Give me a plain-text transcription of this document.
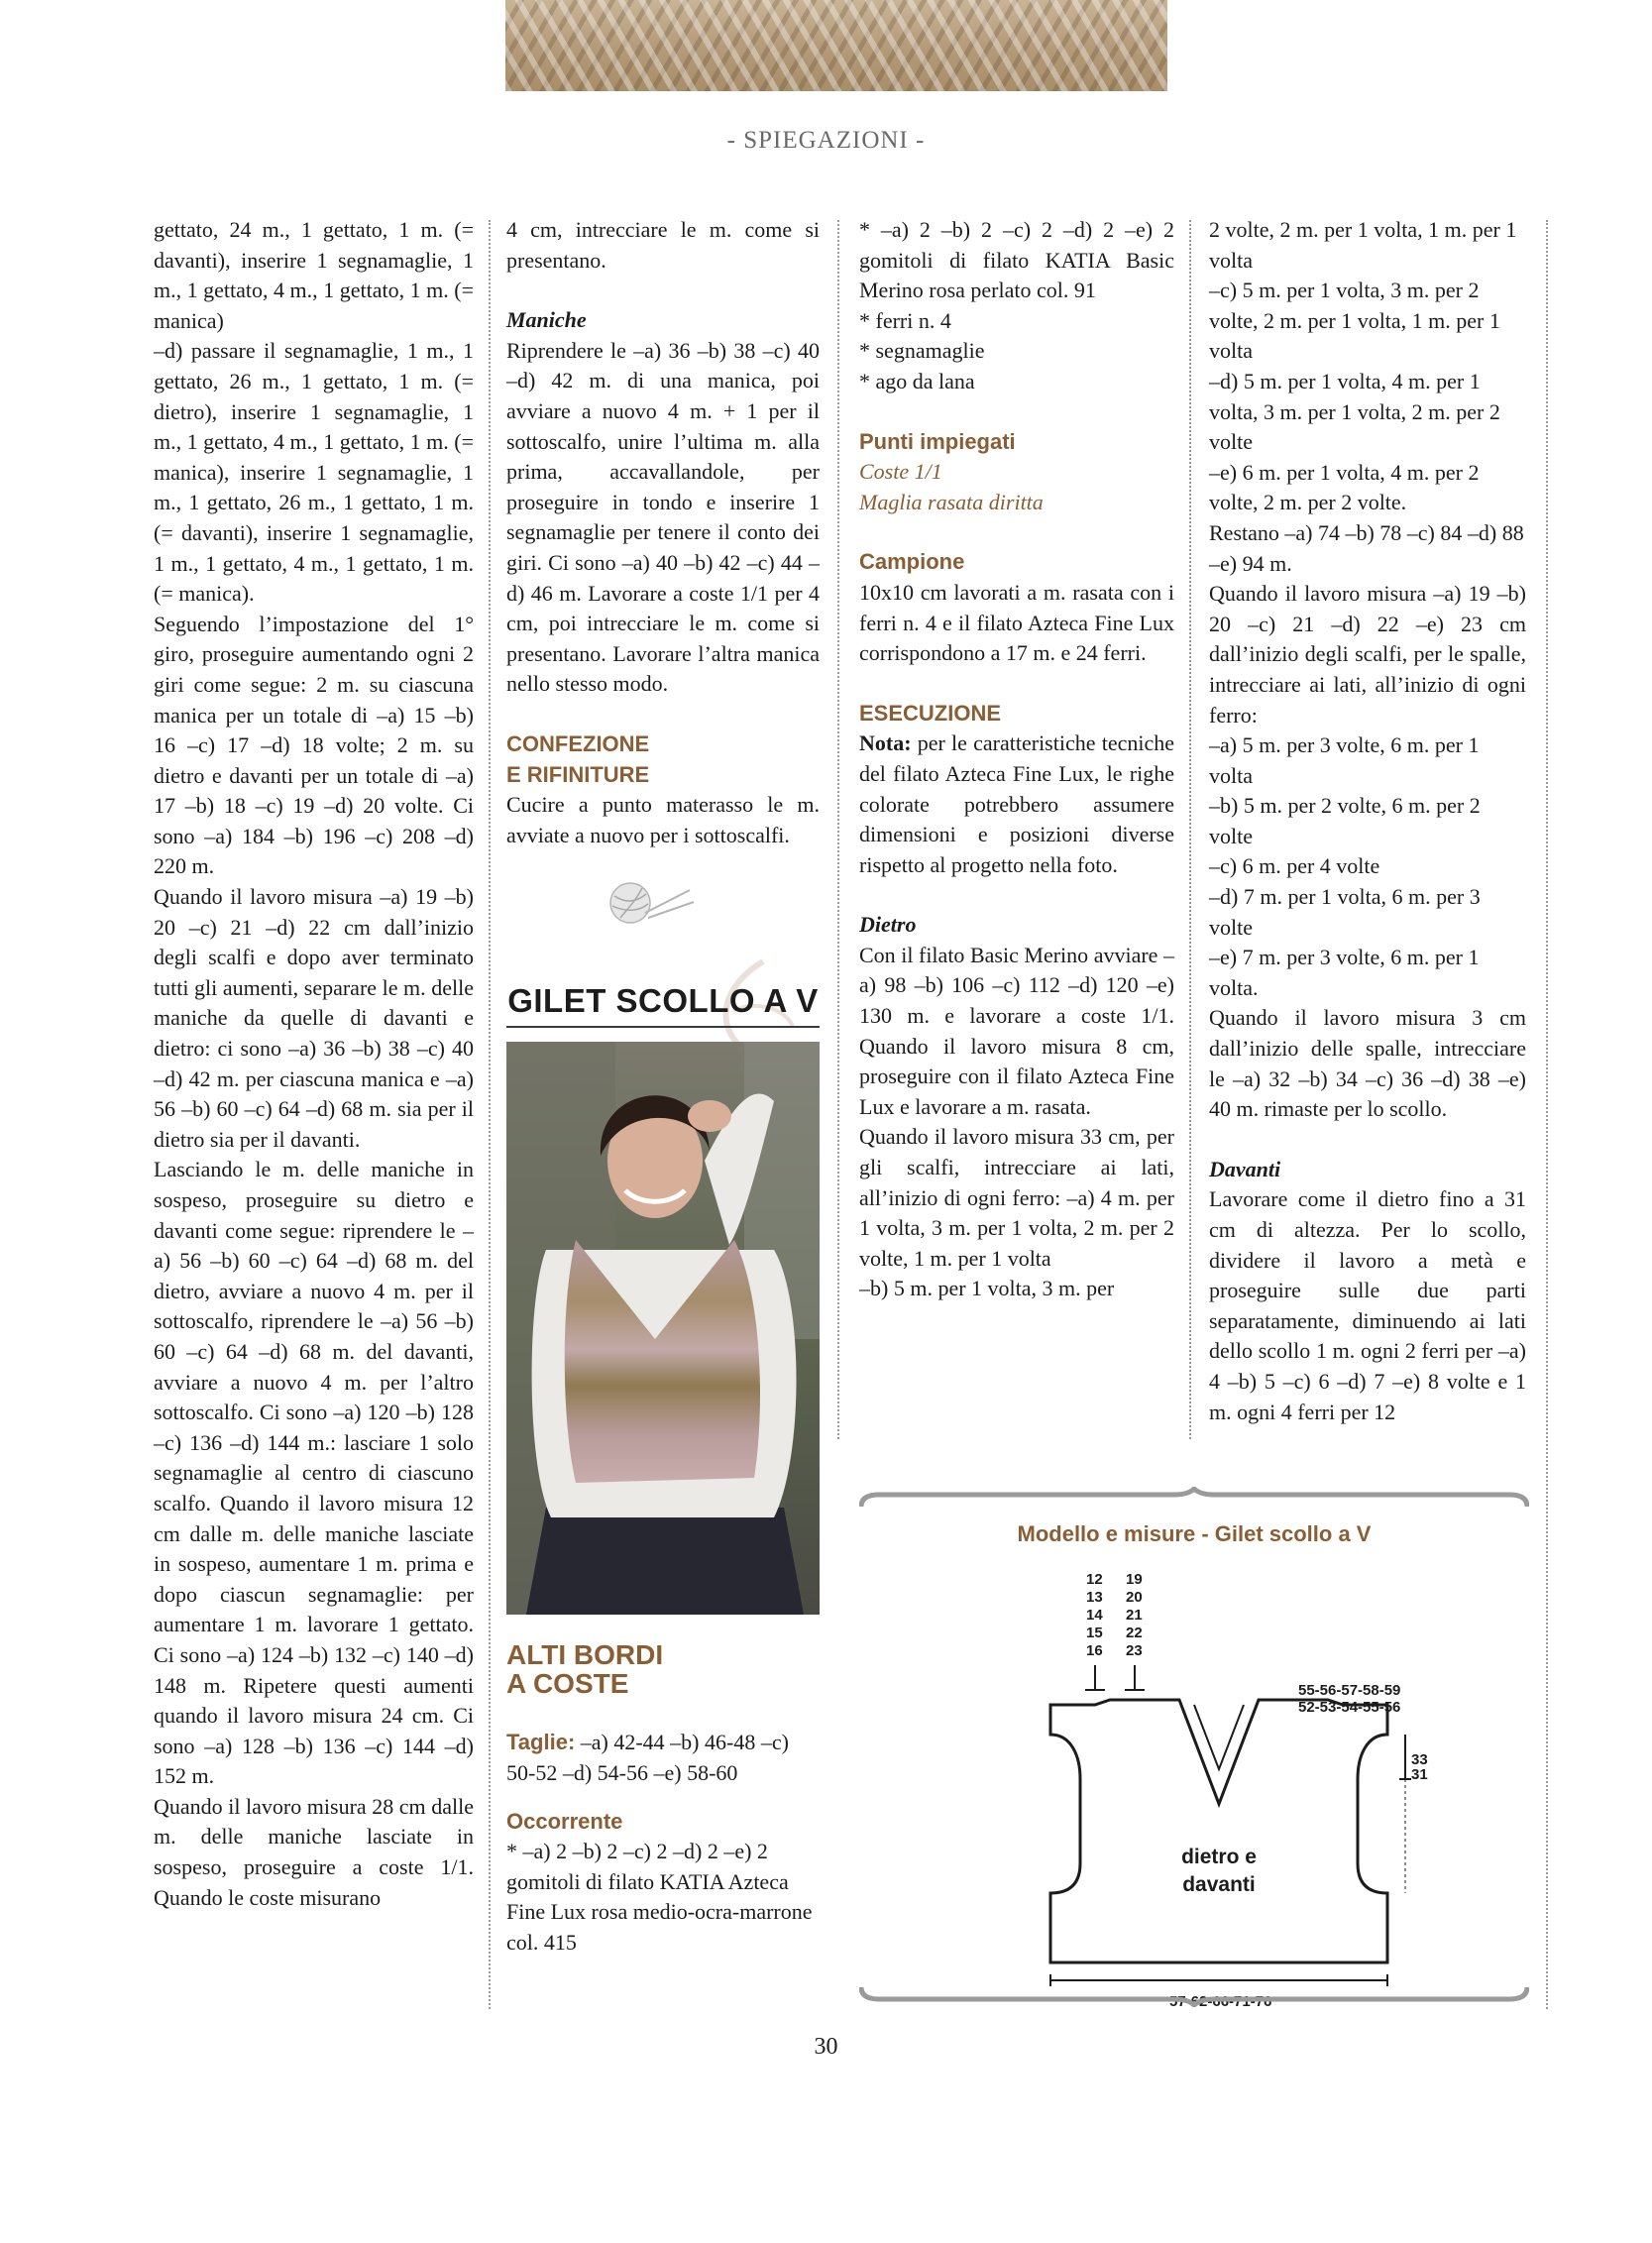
- SPIEGAZIONI -

gettato, 24 m., 1 gettato, 1 m. (= davanti), inserire 1 segnamaglie, 1 m., 1 gettato, 4 m., 1 gettato, 1 m. (= manica)

–d) passare il segnamaglie, 1 m., 1 gettato, 26 m., 1 gettato, 1 m. (= dietro), inserire 1 segnamaglie, 1 m., 1 gettato, 4 m., 1 gettato, 1 m. (= manica), inserire 1 segnamaglie, 1 m., 1 gettato, 26 m., 1 gettato, 1 m. (= davanti), inserire 1 segnamaglie, 1 m., 1 gettato, 4 m., 1 gettato, 1 m. (= manica).

Seguendo l’impostazione del 1° giro, proseguire aumentando ogni 2 giri come segue: 2 m. su ciascuna manica per un totale di –a) 15 –b) 16 –c) 17 –d) 18 volte; 2 m. su dietro e davanti per un totale di –a) 17 –b) 18 –c) 19 –d) 20 volte. Ci sono –a) 184 –b) 196 –c) 208 –d) 220 m.

Quando il lavoro misura –a) 19 –b) 20 –c) 21 –d) 22 cm dall’inizio degli scalfi e dopo aver terminato tutti gli aumenti, separare le m. delle maniche da quelle di davanti e dietro: ci sono –a) 36 –b) 38 –c) 40 –d) 42 m. per ciascuna manica e –a) 56 –b) 60 –c) 64 –d) 68 m. sia per il dietro sia per il davanti.

Lasciando le m. delle maniche in sospeso, proseguire su dietro e davanti come segue: riprendere le –a) 56 –b) 60 –c) 64 –d) 68 m. del dietro, avviare a nuovo 4 m. per il sottoscalfo, riprendere le –a) 56 –b) 60 –c) 64 –d) 68 m. del davanti, avviare a nuovo 4 m. per l’altro sottoscalfo. Ci sono –a) 120 –b) 128 –c) 136 –d) 144 m.: lasciare 1 solo segnamaglie al centro di ciascuno scalfo. Quando il lavoro misura 12 cm dalle m. delle maniche lasciate in sospeso, aumentare 1 m. prima e dopo ciascun segnamaglie: per aumentare 1 m. lavorare 1 gettato. Ci sono –a) 124 –b) 132 –c) 140 –d) 148 m. Ripetere questi aumenti quando il lavoro misura 24 cm. Ci sono –a) 128 –b) 136 –c) 144 –d) 152 m.

Quando il lavoro misura 28 cm dalle m. delle maniche lasciate in sospeso, proseguire a coste 1/1. Quando le coste misurano

4 cm, intrecciare le m. come si presentano.

Maniche

Riprendere le –a) 36 –b) 38 –c) 40 –d) 42 m. di una manica, poi avviare a nuovo 4 m. + 1 per il sottoscalfo, unire l’ultima m. alla prima, accavallandole, per proseguire in tondo e inserire 1 segnamaglie per tenere il conto dei giri. Ci sono –a) 40 –b) 42 –c) 44 –d) 46 m. Lavorare a coste 1/1 per 4 cm, poi intrecciare le m. come si presentano. Lavorare l’altra manica nello stesso modo.

CONFEZIONE

E RIFINITURE

Cucire a punto materasso le m. avviate a nuovo per i sottoscalfi.

GILET SCOLLO A V
ALTI BORDI
A COSTE

Taglie: –a) 42-44 –b) 46-48 –c) 50-52 –d) 54-56 –e) 58-60

Occorrente

* –a) 2 –b) 2 –c) 2 –d) 2 –e) 2 gomitoli di filato KATIA Azteca Fine Lux rosa medio-ocra-marrone col. 415

* –a) 2 –b) 2 –c) 2 –d) 2 –e) 2 gomitoli di filato KATIA Basic Merino rosa perlato col. 91

* ferri n. 4

* segnamaglie

* ago da lana

Punti impiegati

Coste 1/1

Maglia rasata diritta

Campione

10x10 cm lavorati a m. rasata con i ferri n. 4 e il filato Azteca Fine Lux corrispondono a 17 m. e 24 ferri.

ESECUZIONE

Nota: per le caratteristiche tecniche del filato Azteca Fine Lux, le righe colorate potrebbero assumere dimensioni e posizioni diverse rispetto al progetto nella foto.

Dietro

Con il filato Basic Merino avviare –a) 98 –b) 106 –c) 112 –d) 120 –e) 130 m. e lavorare a coste 1/1. Quando il lavoro misura 8 cm, proseguire con il filato Azteca Fine Lux e lavorare a m. rasata.

Quando il lavoro misura 33 cm, per gli scalfi, intrecciare ai lati, all’inizio di ogni ferro: –a) 4 m. per 1 volta, 3 m. per 1 volta, 2 m. per 2 volte, 1 m. per 1 volta

–b) 5 m. per 1 volta, 3 m. per

2 volte, 2 m. per 1 volta, 1 m. per 1 volta

–c) 5 m. per 1 volta, 3 m. per 2 volte, 2 m. per 1 volta, 1 m. per 1 volta

–d) 5 m. per 1 volta, 4 m. per 1 volta, 3 m. per 1 volta, 2 m. per 2 volte

–e) 6 m. per 1 volta, 4 m. per 2 volte, 2 m. per 2 volte.

Restano –a) 74 –b) 78 –c) 84 –d) 88 –e) 94 m.

Quando il lavoro misura –a) 19 –b) 20 –c) 21 –d) 22 –e) 23 cm dall’inizio degli scalfi, per le spalle, intrecciare ai lati, all’inizio di ogni ferro:

–a) 5 m. per 3 volte, 6 m. per 1 volta

–b) 5 m. per 2 volte, 6 m. per 2 volte

–c) 6 m. per 4 volte

–d) 7 m. per 1 volta, 6 m. per 3 volte

–e) 7 m. per 3 volte, 6 m. per 1 volta.

Quando il lavoro misura 3 cm dall’inizio delle spalle, intrecciare le –a) 32 –b) 34 –c) 36 –d) 38 –e) 40 m. rimaste per lo scollo.

Davanti

Lavorare come il dietro fino a 31 cm di altezza. Per lo scollo, dividere il lavoro a metà e proseguire sulle due parti separatamente, diminuendo ai lati dello scollo 1 m. ogni 2 ferri per –a) 4 –b) 5 –c) 6 –d) 7 –e) 8 volte e 1 m. ogni 4 ferri per 12

Modello e misure - Gilet scollo a V
12
13
14
15
16
19
20
21
22
23
55-56-57-58-59
52-53-54-55-56
33
31
57-62-66-71-76
dietro e
davanti
30
